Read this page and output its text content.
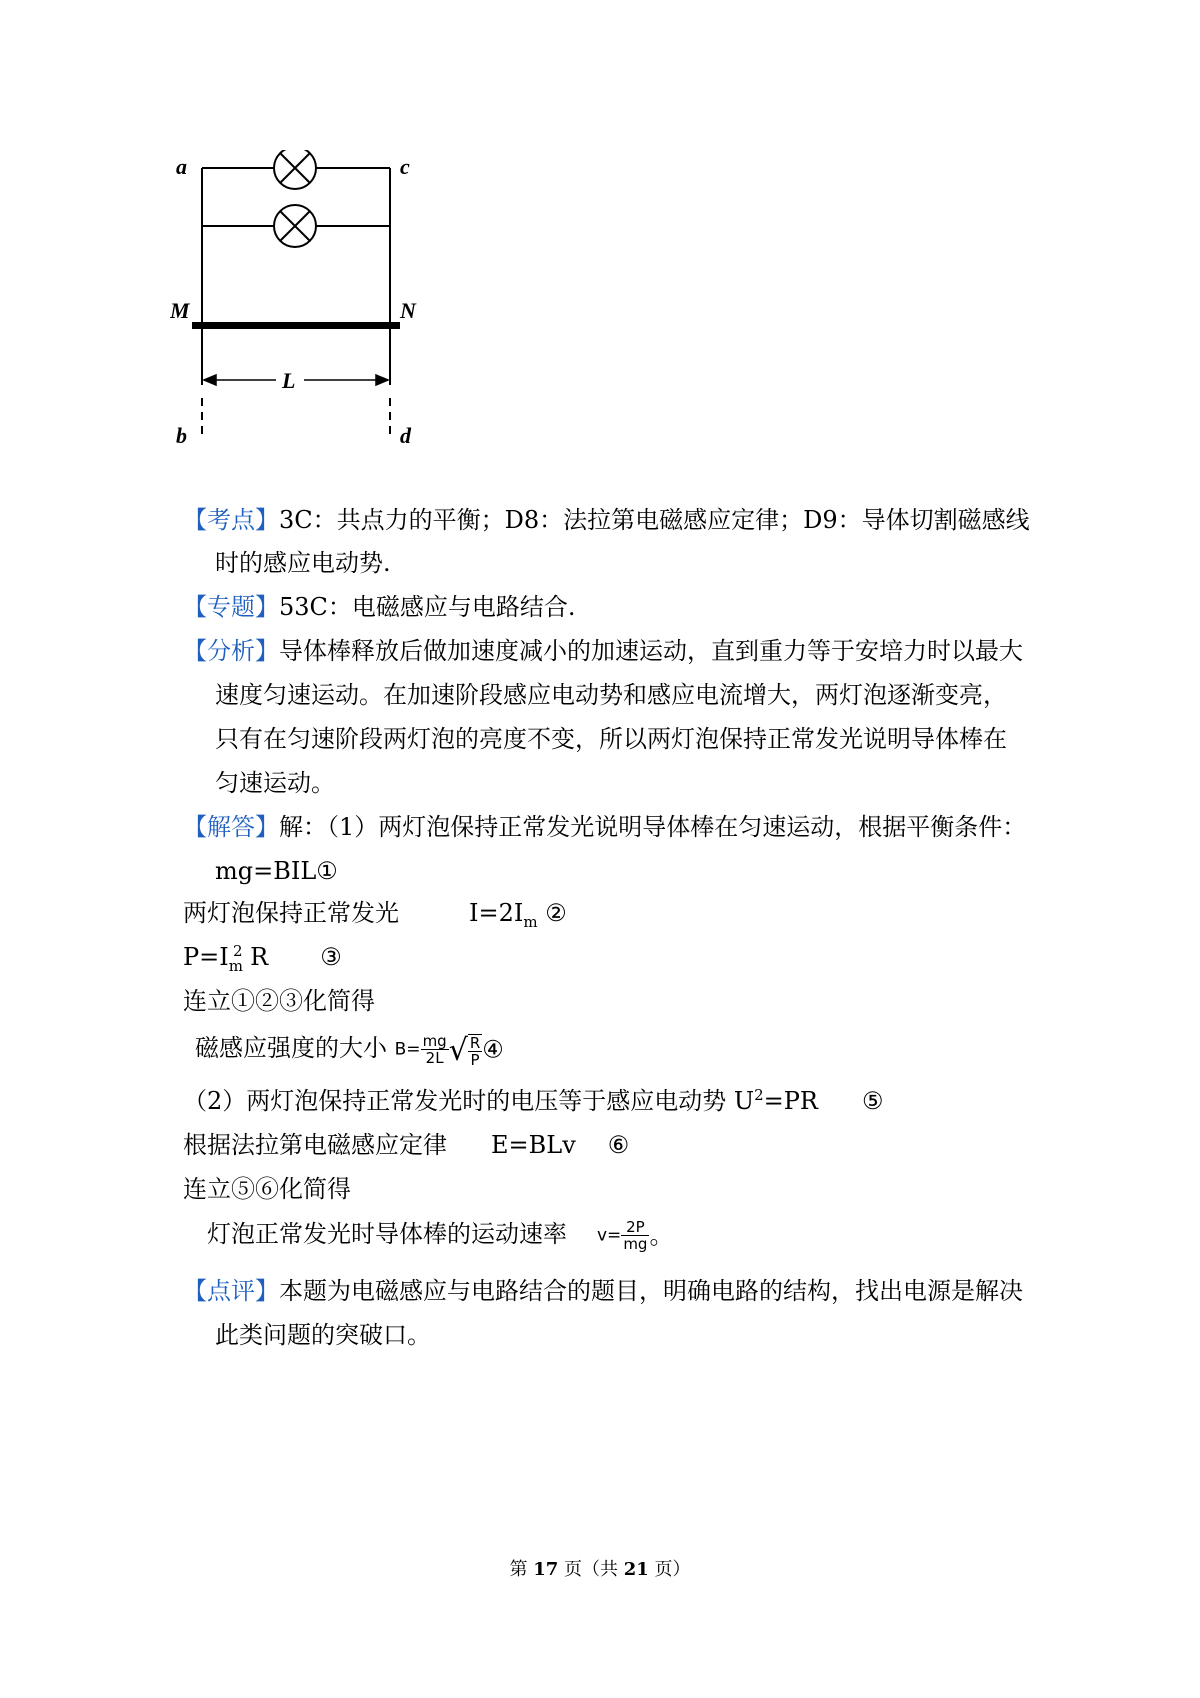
a	c
M	N
L
b	d
【考点】3C：共点力的平衡；D8：法拉第电磁感应定律；D9：导体切割磁感线
时的感应电动势.
【专题】53C：电磁感应与电路结合.
【分析】导体棒释放后做加速度减小的加速运动，直到重力等于安培力时以最大
速度匀速运动。在加速阶段感应电动势和感应电流增大，两灯泡逐渐变亮，
只有在匀速阶段两灯泡的亮度不变，所以两灯泡保持正常发光说明导体棒在
匀速运动。
【解答】解：（1）两灯泡保持正常发光说明导体棒在匀速运动，根据平衡条件：
mg=BIL①
两灯泡保持正常发光	$I=2I_m$ ②
$P=I_m^2$ R ③
连立①②③化简得
磁感应强度的大小 $B= \frac{mg}{2L}$ √ $\frac{R}{P}$ ④
（2）两灯泡保持正常发光时的电压等于感应电动势 $U^2=PR$ ⑤
根据法拉第电磁感应定律 E=BLv ⑥
连立⑤⑥化简得
灯泡正常发光时导体棒的运动速率 $v= \frac{2P}{mg}$ 。
【点评】本题为电磁感应与电路结合的题目，明确电路的结构，找出电源是解决
此类问题的突破口。
第 17 页（共 21 页）
